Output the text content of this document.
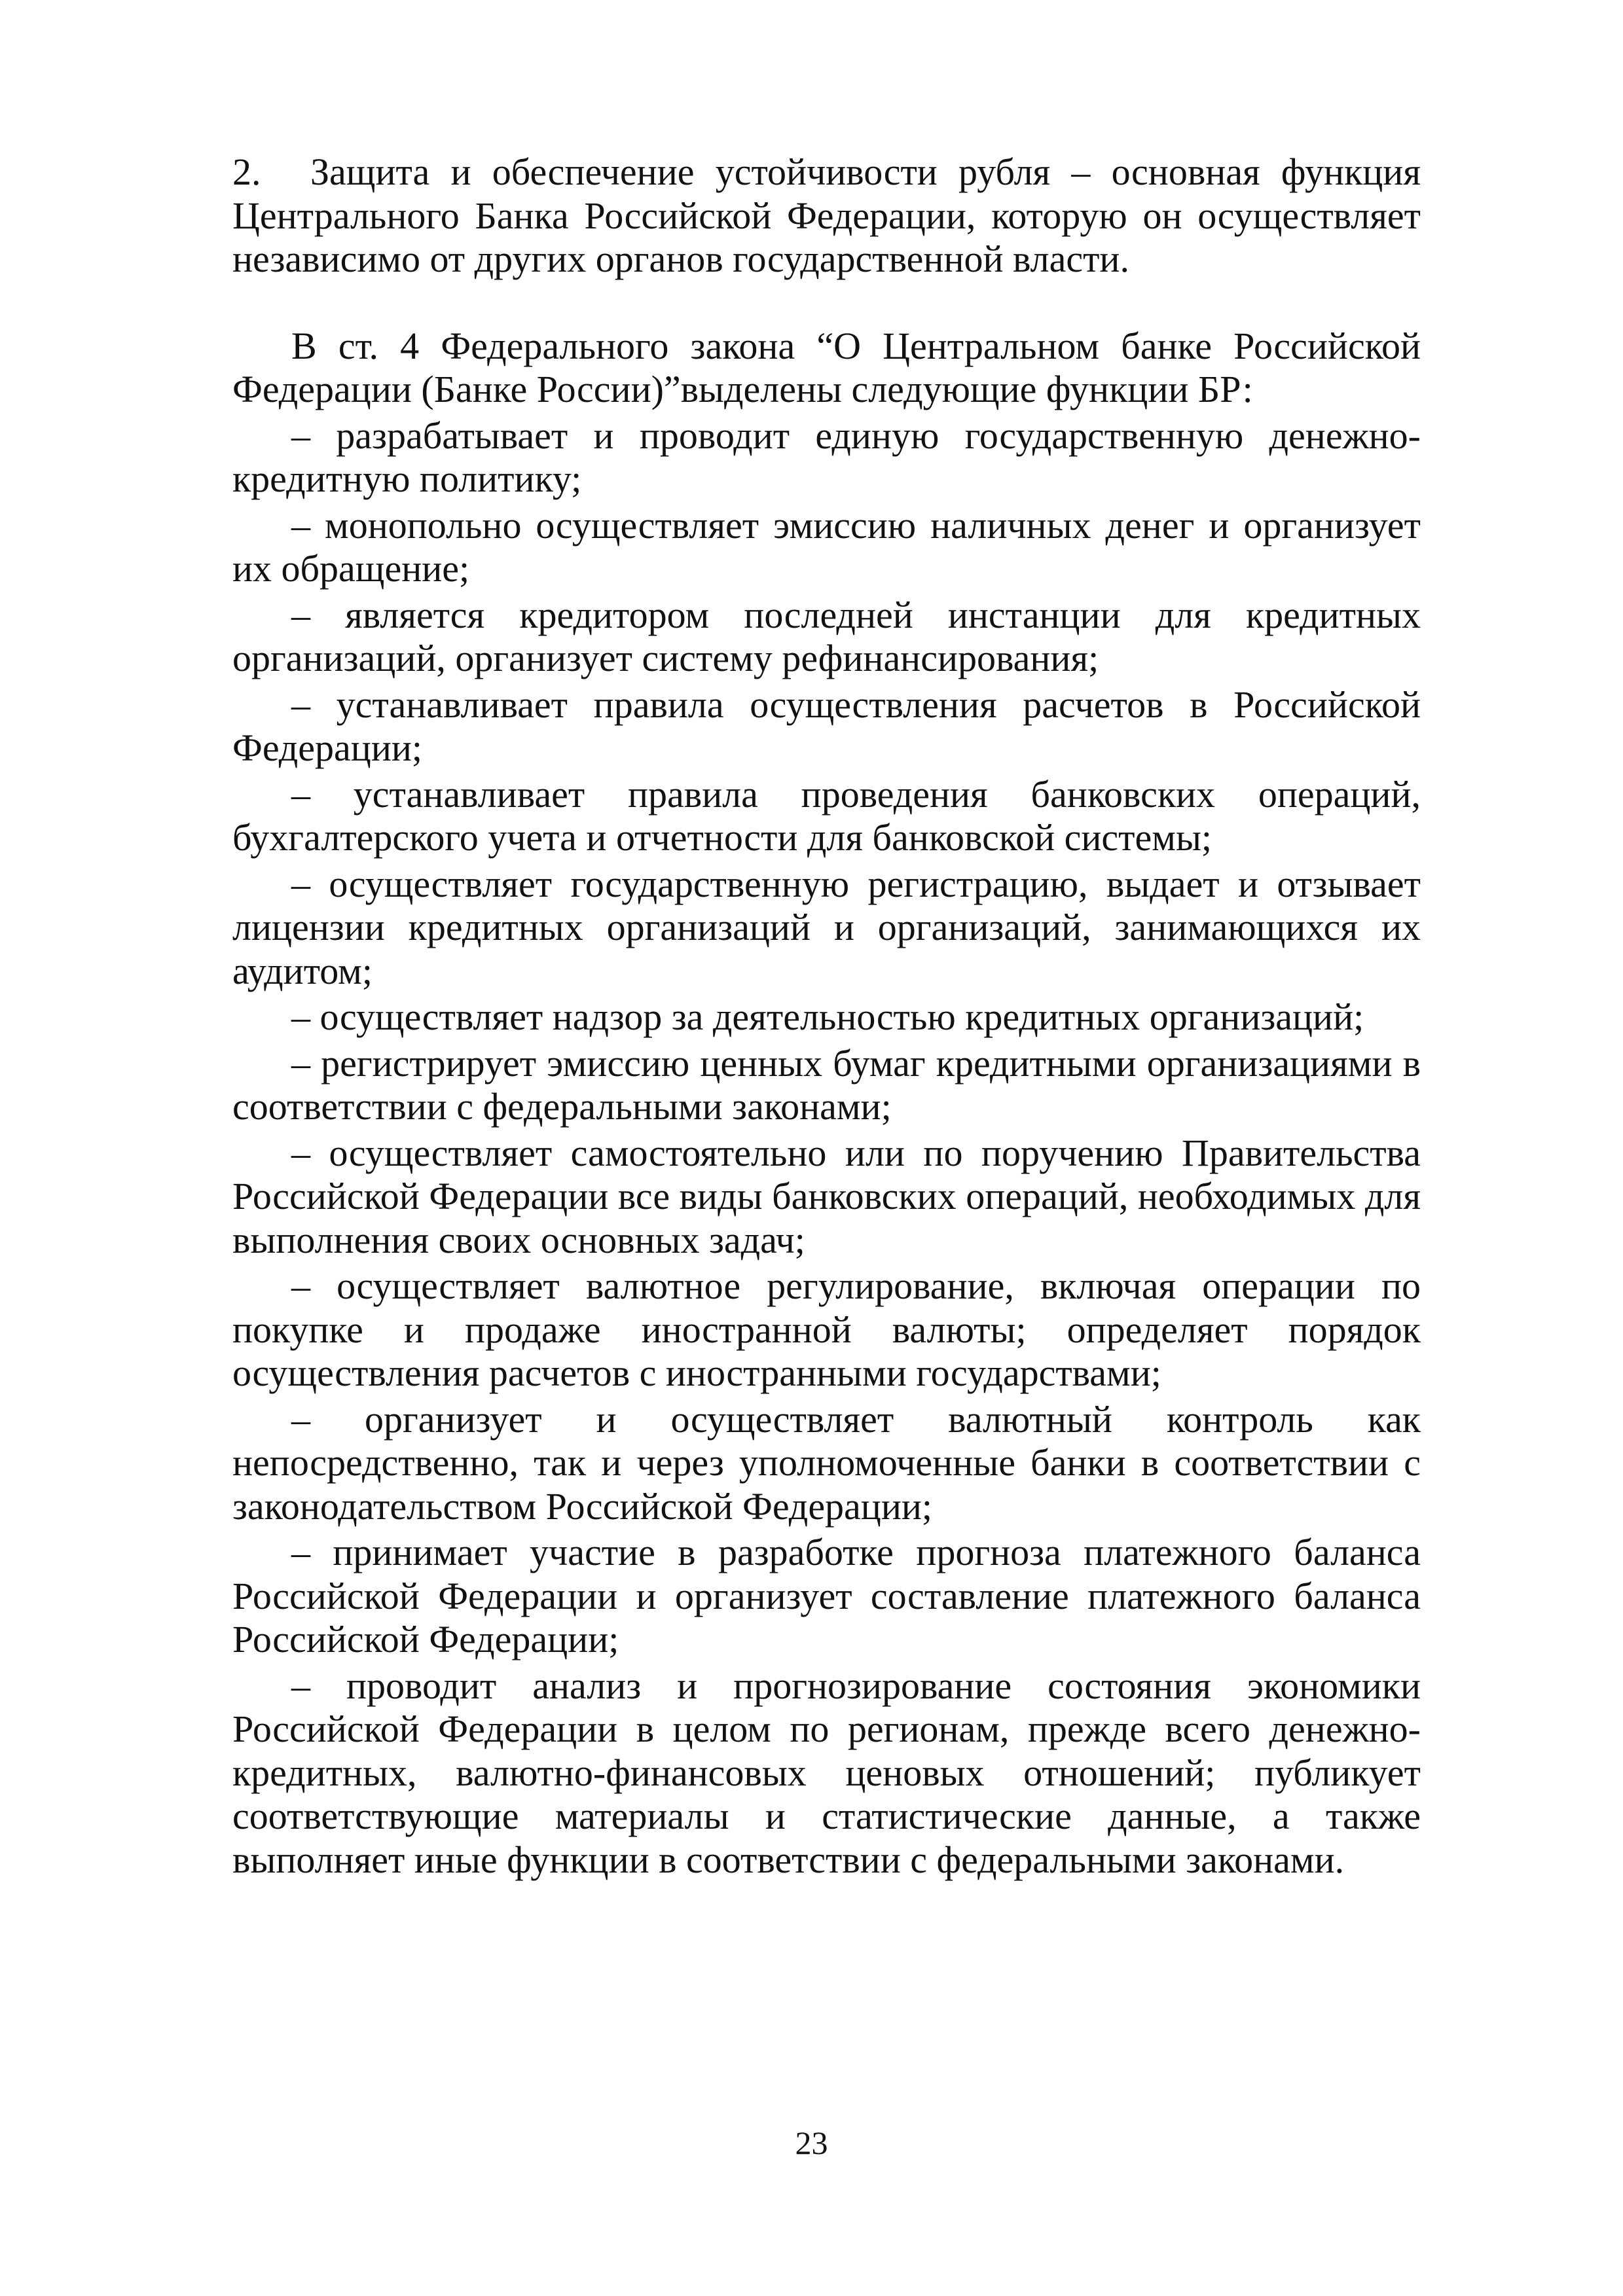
2. Защита и обеспечение устойчивости рубля – основная функция Центрального Банка Российской Федерации, которую он осуществляет независимо от других органов государственной власти.

В ст. 4 Федерального закона “О Центральном банке Российской Федерации (Банке России)”выделены следующие функции БР:

– разрабатывает и проводит единую государственную денежно-кредитную политику;

– монопольно осуществляет эмиссию наличных денег и организует их обращение;

– является кредитором последней инстанции для кредитных организаций, организует систему рефинансирования;

– устанавливает правила осуществления расчетов в Российской Федерации;

– устанавливает правила проведения банковских операций, бухгалтерского учета и отчетности для банковской системы;

– осуществляет государственную регистрацию, выдает и отзывает лицензии кредитных организаций и организаций, занимающихся их аудитом;

– осуществляет надзор за деятельностью кредитных организаций;

– регистрирует эмиссию ценных бумаг кредитными организациями в соответствии с федеральными законами;

– осуществляет самостоятельно или по поручению Правительства Российской Федерации все виды банковских операций, необходимых для выполнения своих основных задач;

– осуществляет валютное регулирование, включая операции по покупке и продаже иностранной валюты; определяет порядок осуществления расчетов с иностранными государствами;

– организует и осуществляет валютный контроль как непосредственно, так и через уполномоченные банки в соответствии с законодательством Российской Федерации;

– принимает участие в разработке прогноза платежного баланса Российской Федерации и организует составление платежного баланса Российской Федерации;

– проводит анализ и прогнозирование состояния экономики Российской Федерации в целом по регионам, прежде всего денежно-кредитных, валютно-финансовых ценовых отношений; публикует соответствующие материалы и статистические данные, а также выполняет иные функции в соответствии с федеральными законами.

23
